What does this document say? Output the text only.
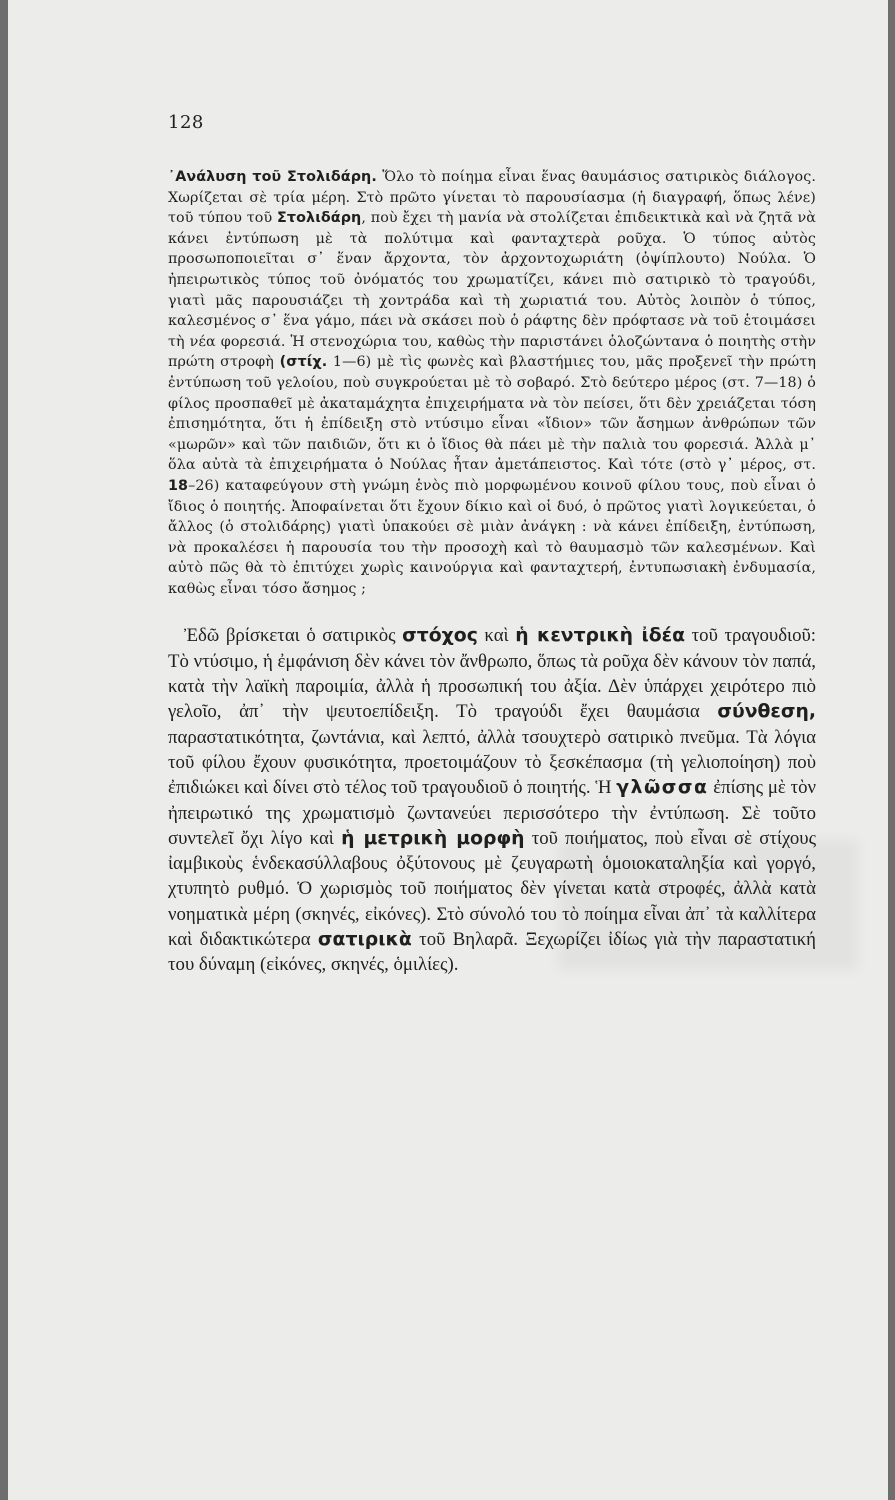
128

᾿Ανάλυση τοῦ Στολιδάρη. Ὅλο τὸ ποίημα εἶναι ἕνας θαυμάσιος σατιρικὸς διάλογος. Χωρίζεται σὲ τρία μέρη. Στὸ πρῶτο γίνεται τὸ παρουσίασμα (ἡ διαγραφή, ὅπως λένε) τοῦ τύπου τοῦ Στολιδάρη, ποὺ ἔχει τὴ μανία νὰ στολίζεται ἐπιδεικτικὰ καὶ νὰ ζητᾶ νὰ κάνει ἐντύπωση μὲ τὰ πολύτιμα καὶ φανταχτερὰ ροῦχα. Ὁ τύπος αὐτὸς προσωποποιεῖται σ᾿ ἕναν ἄρχοντα, τὸν ἀρχοντοχωριάτη (ὀψίπλουτο) Νούλα. Ὁ ἠπειρωτικὸς τύπος τοῦ ὀνόματός του χρωματίζει, κάνει πιὸ σατιρικὸ τὸ τραγούδι, γιατὶ μᾶς παρουσιάζει τὴ χοντράδα καὶ τὴ χωριατιά του. Αὐτὸς λοιπὸν ὁ τύπος, καλεσμένος σ᾿ ἕνα γάμο, πάει νὰ σκάσει ποὺ ὁ ράφτης δὲν πρόφτασε νὰ τοῦ ἑτοιμάσει τὴ νέα φορεσιά. Ἡ στενοχώρια του, καθὼς τὴν παριστάνει ὁλοζώντανα ὁ ποιητὴς στὴν πρώτη στροφὴ (στίχ. 1—6) μὲ τὶς φωνὲς καὶ βλαστήμιες του, μᾶς προξενεῖ τὴν πρώτη ἐντύπωση τοῦ γελοίου, ποὺ συγκρούεται μὲ τὸ σοβαρό. Στὸ δεύτερο μέρος (στ. 7—18) ὁ φίλος προσπαθεῖ μὲ ἀκαταμάχητα ἐπιχειρήματα νὰ τὸν πείσει, ὅτι δὲν χρειάζεται τόση ἐπισημότητα, ὅτι ἡ ἐπίδειξη στὸ ντύσιμο εἶναι «ἴδιον» τῶν ἄσημων ἀνθρώπων τῶν «μωρῶν» καὶ τῶν παιδιῶν, ὅτι κι ὁ ἴδιος θὰ πάει μὲ τὴν παλιὰ του φορεσιά. Ἀλλὰ μ᾿ ὅλα αὐτὰ τὰ ἐπιχειρήματα ὁ Νούλας ἦταν ἀμετάπειστος. Καὶ τότε (στὸ γ᾿ μέρος, στ. 18–26) καταφεύγουν στὴ γνώμη ἑνὸς πιὸ μορφωμένου κοινοῦ φίλου τους, ποὺ εἶναι ὁ ἴδιος ὁ ποιητής. Ἀποφαίνεται ὅτι ἔχουν δίκιο καὶ οἱ δυό, ὁ πρῶτος γιατὶ λογικεύεται, ὁ ἄλλος (ὁ στολιδάρης) γιατὶ ὑπακούει σὲ μιὰν ἀνάγκη : νὰ κάνει ἐπίδειξη, ἐντύπωση, νὰ προκαλέσει ἡ παρουσία του τὴν προσοχὴ καὶ τὸ θαυμασμὸ τῶν καλεσμένων. Καὶ αὐτὸ πῶς θὰ τὸ ἐπιτύχει χωρὶς καινούργια καὶ φανταχτερή, ἐντυπωσιακὴ ἐνδυμασία, καθὼς εἶναι τόσο ἄσημος ;

Ἐδῶ βρίσκεται ὁ σατιρικὸς στόχος καὶ ἡ κεντρικὴ ἰδέα τοῦ τραγουδιοῦ: Τὸ ντύσιμο, ἡ ἐμφάνιση δὲν κάνει τὸν ἄνθρωπο, ὅπως τὰ ροῦχα δὲν κάνουν τὸν παπά, κατὰ τὴν λαϊκὴ παροιμία, ἀλλὰ ἡ προσωπική του ἀξία. Δὲν ὑπάρχει χειρότερο πιὸ γελοῖο, ἀπ᾿ τὴν ψευτοεπίδειξη. Τὸ τραγούδι ἔχει θαυμάσια σύνθεση, παραστατικότητα, ζωντάνια, καὶ λεπτό, ἀλλὰ τσουχτερὸ σατιρικὸ πνεῦμα. Τὰ λόγια τοῦ φίλου ἔχουν φυσικότητα, προετοιμάζουν τὸ ξεσκέπασμα (τὴ γελιοποίηση) ποὺ ἐπιδιώκει καὶ δίνει στὸ τέλος τοῦ τραγουδιοῦ ὁ ποιητής. Ἡ γλῶσσα ἐπίσης μὲ τὸν ἠπειρωτικό της χρωματισμὸ ζωντανεύει περισσότερο τὴν ἐντύπωση. Σὲ τοῦτο συντελεῖ ὄχι λίγο καὶ ἡ μετρικὴ μορφὴ τοῦ ποιήματος, ποὺ εἶναι σὲ στίχους ἰαμβικοὺς ἑνδεκασύλλαβους ὀξύτονους μὲ ζευγαρωτὴ ὁμοιοκαταληξία καὶ γοργό, χτυπητὸ ρυθμό. Ὁ χωρισμὸς τοῦ ποιήματος δὲν γίνεται κατὰ στροφές, ἀλλὰ κατὰ νοηματικὰ μέρη (σκηνές, εἰκόνες). Στὸ σύνολό του τὸ ποίημα εἶναι ἀπ᾿ τὰ καλλίτερα καὶ διδακτικώτερα σατιρικὰ τοῦ Βηλαρᾶ. Ξεχωρίζει ἰδίως γιὰ τὴν παραστατική του δύναμη (εἰκόνες, σκηνές, ὁμιλίες).
